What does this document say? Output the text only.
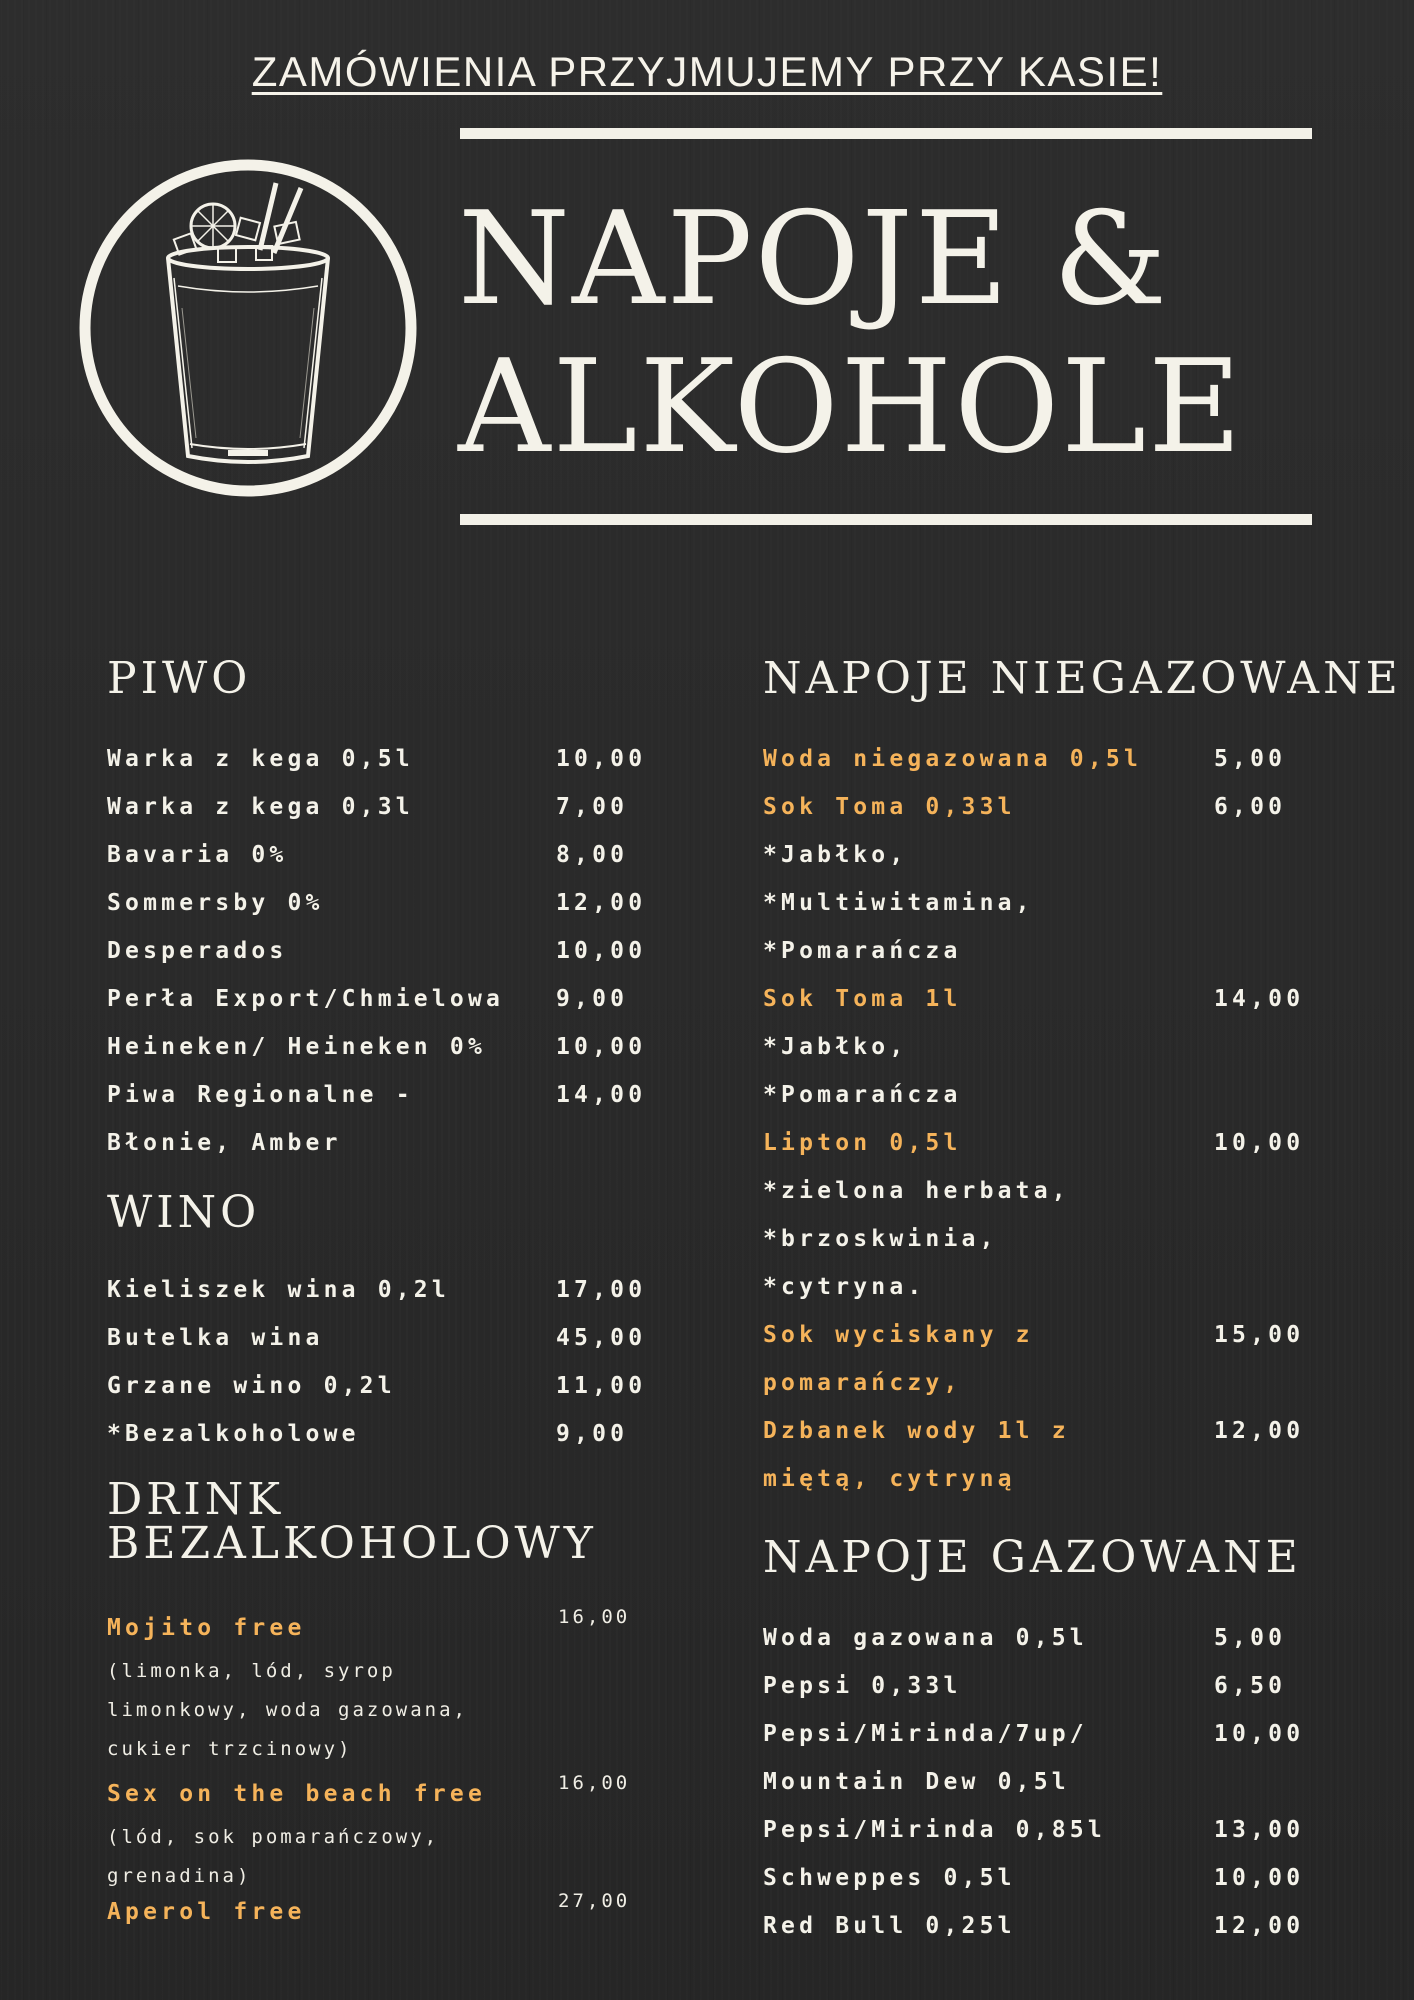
ZAMÓWIENIA PRZYJMUJEMY PRZY KASIE!
NAPOJE &
ALKOHOLE
PIWO
Warka z kega 0,5l	10,00
Warka z kega 0,3l	7,00
Bavaria 0%	8,00
Sommersby 0%	12,00
Desperados	10,00
Perła Export/Chmielowa 9,00
Heineken/ Heineken 0%	10,00
Piwa Regionalne -	14,00
Błonie, Amber
WINO
Kieliszek wina 0,2l	17,00
Butelka wina	45,00
Grzane wino 0,2l	11,00
*Bezalkoholowe	9,00
DRINK
BEZALKOHOLOWY
Mojito free	16,00
(limonka, lód, syrop
limonkowy, woda gazowana,
cukier trzcinowy)
Sex on the beach free	16,00
(lód, sok pomarańczowy,
grenadina)
Aperol free	27,00
NAPOJE NIEGAZOWANE
Woda niegazowana 0,5l	5,00
Sok Toma 0,33l	6,00
*Jabłko,
*Multiwitamina,
*Pomarańcza
Sok Toma 1l	14,00
*Jabłko,
*Pomarańcza
Lipton 0,5l	10,00
*zielona herbata,
*brzoskwinia,
*cytryna.
Sok wyciskany z	15,00
pomarańczy,
Dzbanek wody 1l z	12,00
miętą, cytryną
NAPOJE GAZOWANE
Woda gazowana 0,5l	5,00
Pepsi 0,33l	6,50
Pepsi/Mirinda/7up/	10,00
Mountain Dew 0,5l
Pepsi/Mirinda 0,85l	13,00
Schweppes 0,5l	10,00
Red Bull 0,25l	12,00
